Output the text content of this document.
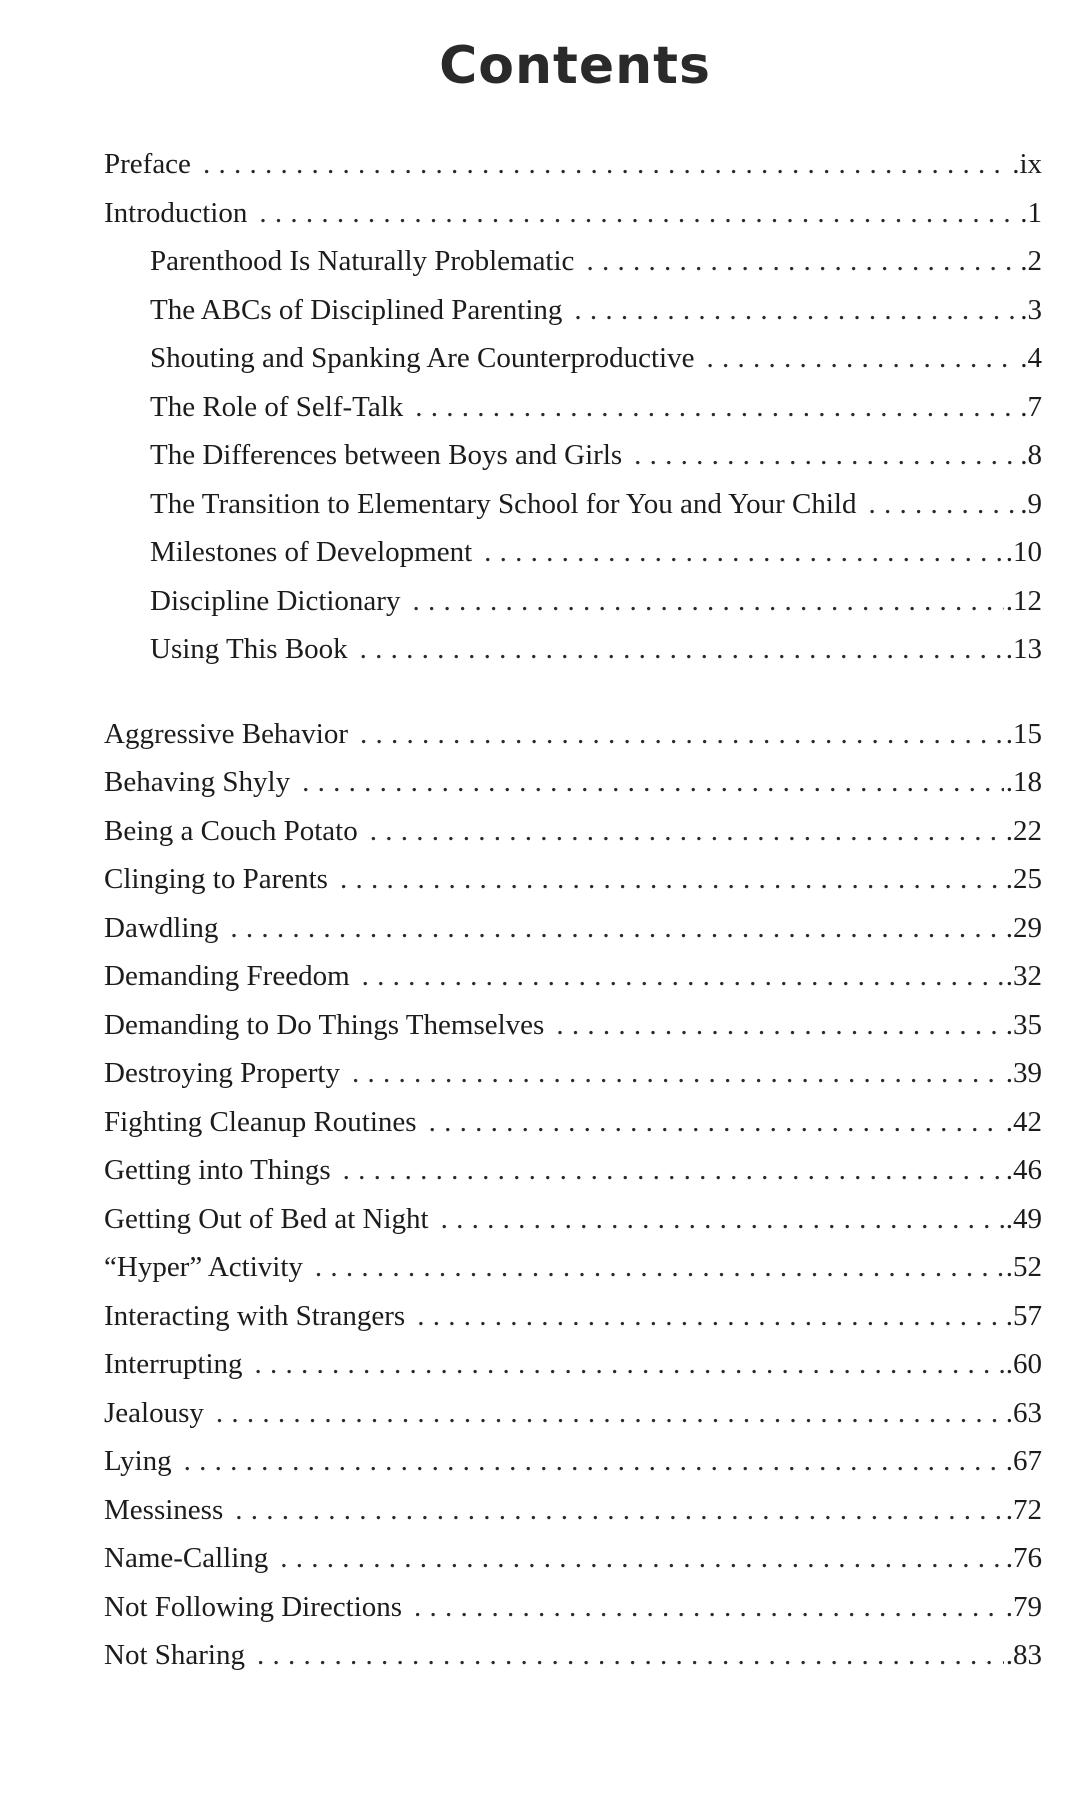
Contents
Preface . . .	.ix
Introduction . . .	.1
Parenthood Is Naturally Problematic . . .	.2
The ABCs of Disciplined Parenting . . .	.3
Shouting and Spanking Are Counterproductive . . .	.4
The Role of Self-Talk . . .	.7
The Differences between Boys and Girls . . .	.8
The Transition to Elementary School for You and Your Child . . .	.9
Milestones of Development . . .	.10
Discipline Dictionary . . .	.12
Using This Book . . .	.13
Aggressive Behavior . . .	.15
Behaving Shyly . . .	.18
Being a Couch Potato . . .	.22
Clinging to Parents . . .	.25
Dawdling . . .	.29
Demanding Freedom . . .	.32
Demanding to Do Things Themselves . . .	.35
Destroying Property . . .	.39
Fighting Cleanup Routines . . .	.42
Getting into Things . . .	.46
Getting Out of Bed at Night . . .	.49
“Hyper” Activity . . .	.52
Interacting with Strangers . . .	.57
Interrupting . . .	.60
Jealousy . . .	.63
Lying . . .	.67
Messiness . . .	.72
Name-Calling . . .	.76
Not Following Directions . . .	.79
Not Sharing . . .	.83
